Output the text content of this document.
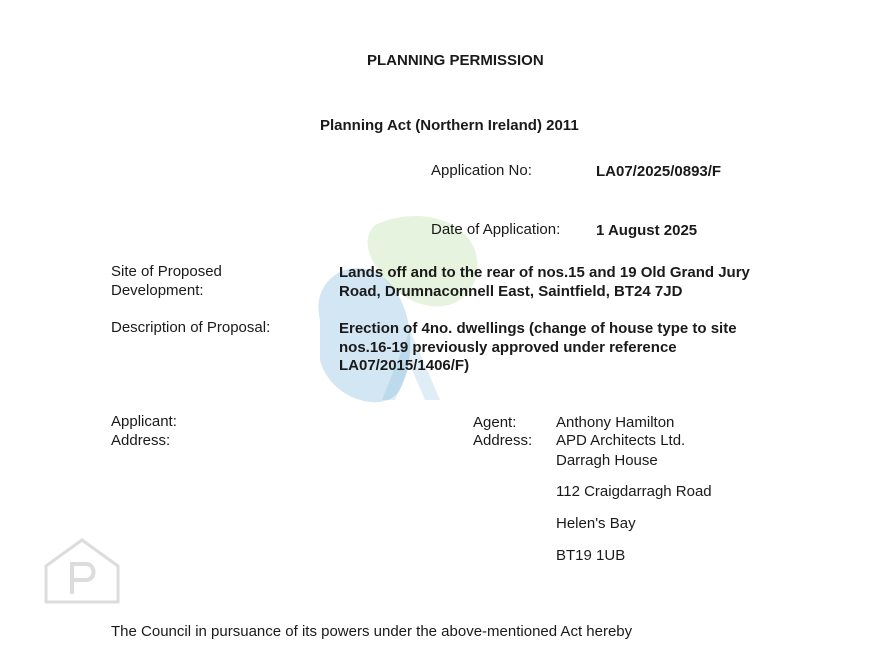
PLANNING PERMISSION
Planning Act (Northern Ireland) 2011
Application No:	LA07/2025/0893/F
Date of Application: 1 August 2025
Site of Proposed
Development:
Lands off and to the rear of nos.15 and 19 Old Grand Jury
Road, Drumnaconnell East, Saintfield, BT24 7JD
Description of Proposal:	Erection of 4no. dwellings (change of house type to site
nos.16-19 previously approved under reference
LA07/2015/1406/F)
Applicant:
Address:
Agent:
Address:
Anthony Hamilton
APD Architects Ltd.
Darragh House
112 Craigdarragh Road
Helen's Bay
BT19 1UB
The Council in pursuance of its powers under the above-mentioned Act hereby
